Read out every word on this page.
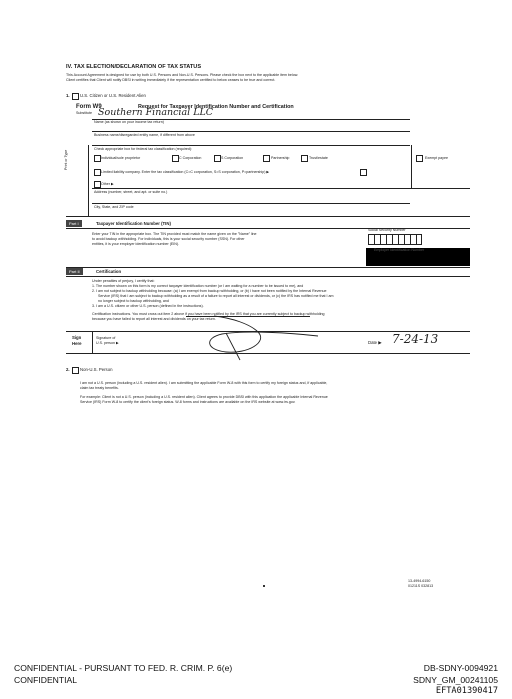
IV. TAX ELECTION/DECLARATION OF TAX STATUS
This Account Agreement is designed for use by both U.S. Persons and Non-U.S. Persons. Please check the box next to the applicable item below.
Client certifies that Client will notify DBSI in writing immediately if the representation certified to below ceases to be true and correct.
1. U.S. Citizen or U.S. Resident Alien
Form W9
Substitute
Request for Taxpayer Identification Number and Certification
Southern Financial LLC
Name (as shown on your income tax return)
Business name/disregarded entity name, if different from above
Print or Type
Check appropriate box for federal tax classification (required):
Individual/sole proprietor	C Corporation	S Corporation	Partnership	Trust/estate	Exempt payee
Limited liability company. Enter the tax classification (C=C corporation, S=S corporation, P=partnership) ▶
Other ▶
Address (number, street, and apt. or suite no.)
City, State, and ZIP code
Part I	Taxpayer Identification Number (TIN)
Enter your TIN in the appropriate box. The TIN provided must match the name given on the "Name" line
to avoid backup withholding. For individuals, this is your social security number (SSN). For other
entities, it is your employer identification number (EIN).
Social Security Number
Employer Identification Number
Part II	Certification
Under penalties of perjury, I certify that:
1. The number shown on this form is my correct taxpayer identification number (or I am waiting for a number to be issued to me), and
2. I am not subject to backup withholding because: (a) I am exempt from backup withholding, or (b) I have not been notified by the Internal Revenue
Service (IRS) that I am subject to backup withholding as a result of a failure to report all interest or dividends, or (c) the IRS has notified me that I am
no longer subject to backup withholding, and
3. I am a U.S. citizen or other U.S. person (defined in the instructions).
Certification instructions. You must cross out item 2 above if you have been notified by the IRS that you are currently subject to backup withholding
because you have failed to report all interest and dividends on your tax return.
Sign Here
Signature of
U.S. person ▶	Date ▶ 7-24-13
2. Non-U.S. Person
I am not a U.S. person (including a U.S. resident alien). I am submitting the applicable Form W-8 with this form to certify my foreign status and, if applicable,
claim tax treaty benefits.
For example: Client is not a U.S. person (including a U.S. resident alien). Client agrees to provide DBSI with this application the applicable Internal Revenue
Service (IRS) Form W-8 to certify the client's foreign status. W-8 forms and instructions are available on the IRS website at www.irs.gov.
13-4994-6150
01211S 032813
CONFIDENTIAL - PURSUANT TO FED. R. CRIM. P. 6(e)
CONFIDENTIAL
DB-SDNY-0094921
SDNY_GM_00241105
EFTA01390417
